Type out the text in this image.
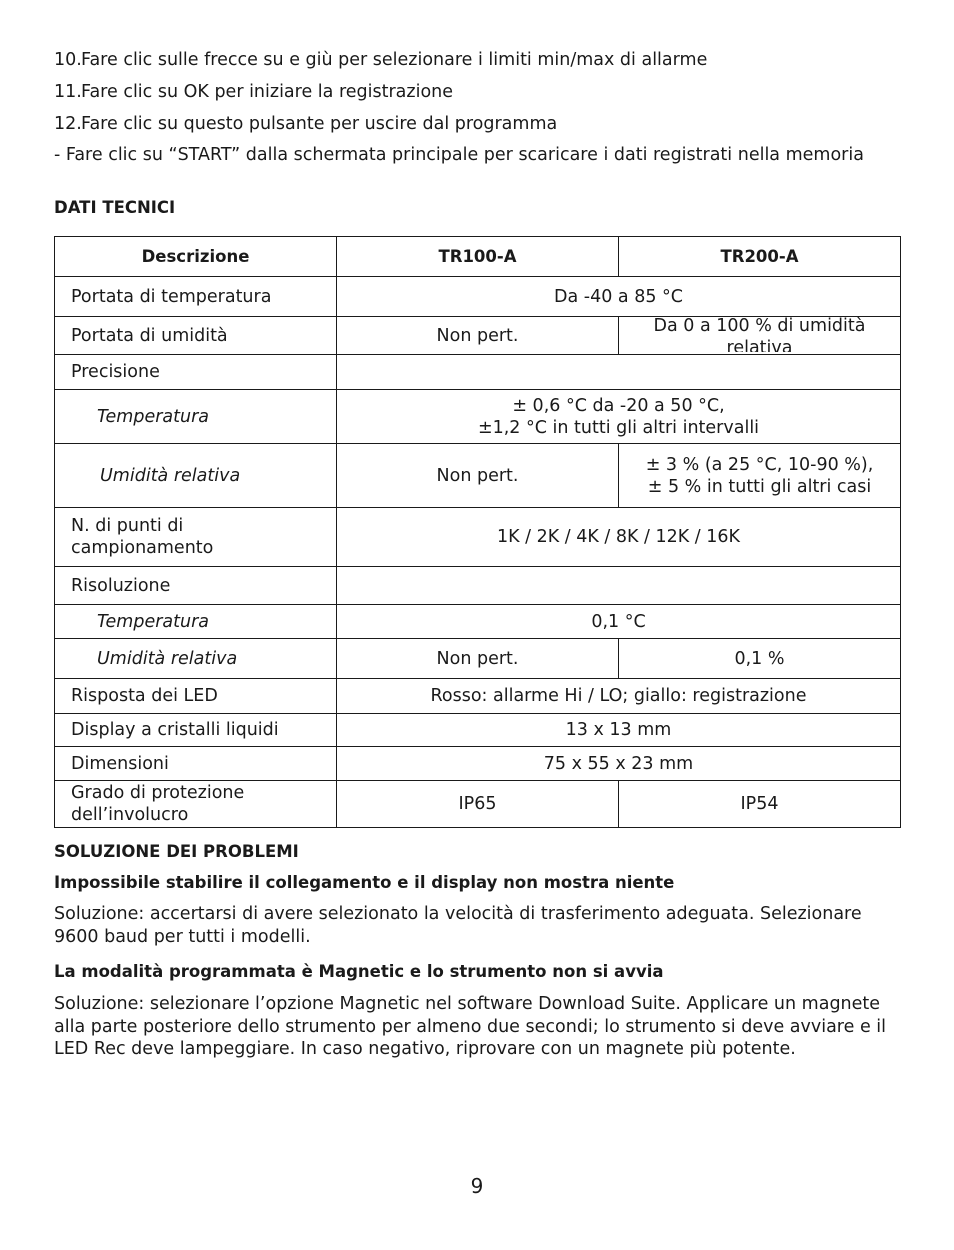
10.Fare clic sulle frecce su e giù per selezionare i limiti min/max di allarme
11.Fare clic su OK per iniziare la registrazione
12.Fare clic su questo pulsante per uscire dal programma
- Fare clic su “START” dalla schermata principale per scaricare i dati registrati nella memoria
DATI TECNICI
Descrizione	TR100-A	TR200-A
Portata di temperatura	Da -40 a 85 °C	
Portata di umidità	Non pert.	Da 0 a 100 % di umidità relativa

Precisione		
Temperatura	± 0,6 °C da -20 a 50 °C,
±1,2 °C in tutti gli altri intervalli	

Umidità relativa	Non pert.	± 3 % (a 25 °C, 10-90 %),
± 5 % in tutti gli altri casi

N. di punti di
campionamento	1K / 2K / 4K / 8K / 12K / 16K	
Risoluzione		
Temperatura	0,1 °C	
Umidità relativa	Non pert.	0,1 %
Risposta dei LED	Rosso: allarme Hi / LO; giallo: registrazione	
Display a cristalli liquidi	13 x 13 mm	
Dimensioni	75 x 55 x 23 mm	

Grado di protezione
dell’involucro	IP65	IP54
SOLUZIONE DEI PROBLEMI
Impossibile stabilire il collegamento e il display non mostra niente
Soluzione: accertarsi di avere selezionato la velocità di trasferimento adeguata. Selezionare 9600 baud per tutti i modelli.
La modalità programmata è Magnetic e lo strumento non si avvia
Soluzione: selezionare l’opzione Magnetic nel software Download Suite. Applicare un magnete alla parte posteriore dello strumento per almeno due secondi; lo strumento si deve avviare e il LED Rec deve lampeggiare. In caso negativo, riprovare con un magnete più potente.
9
